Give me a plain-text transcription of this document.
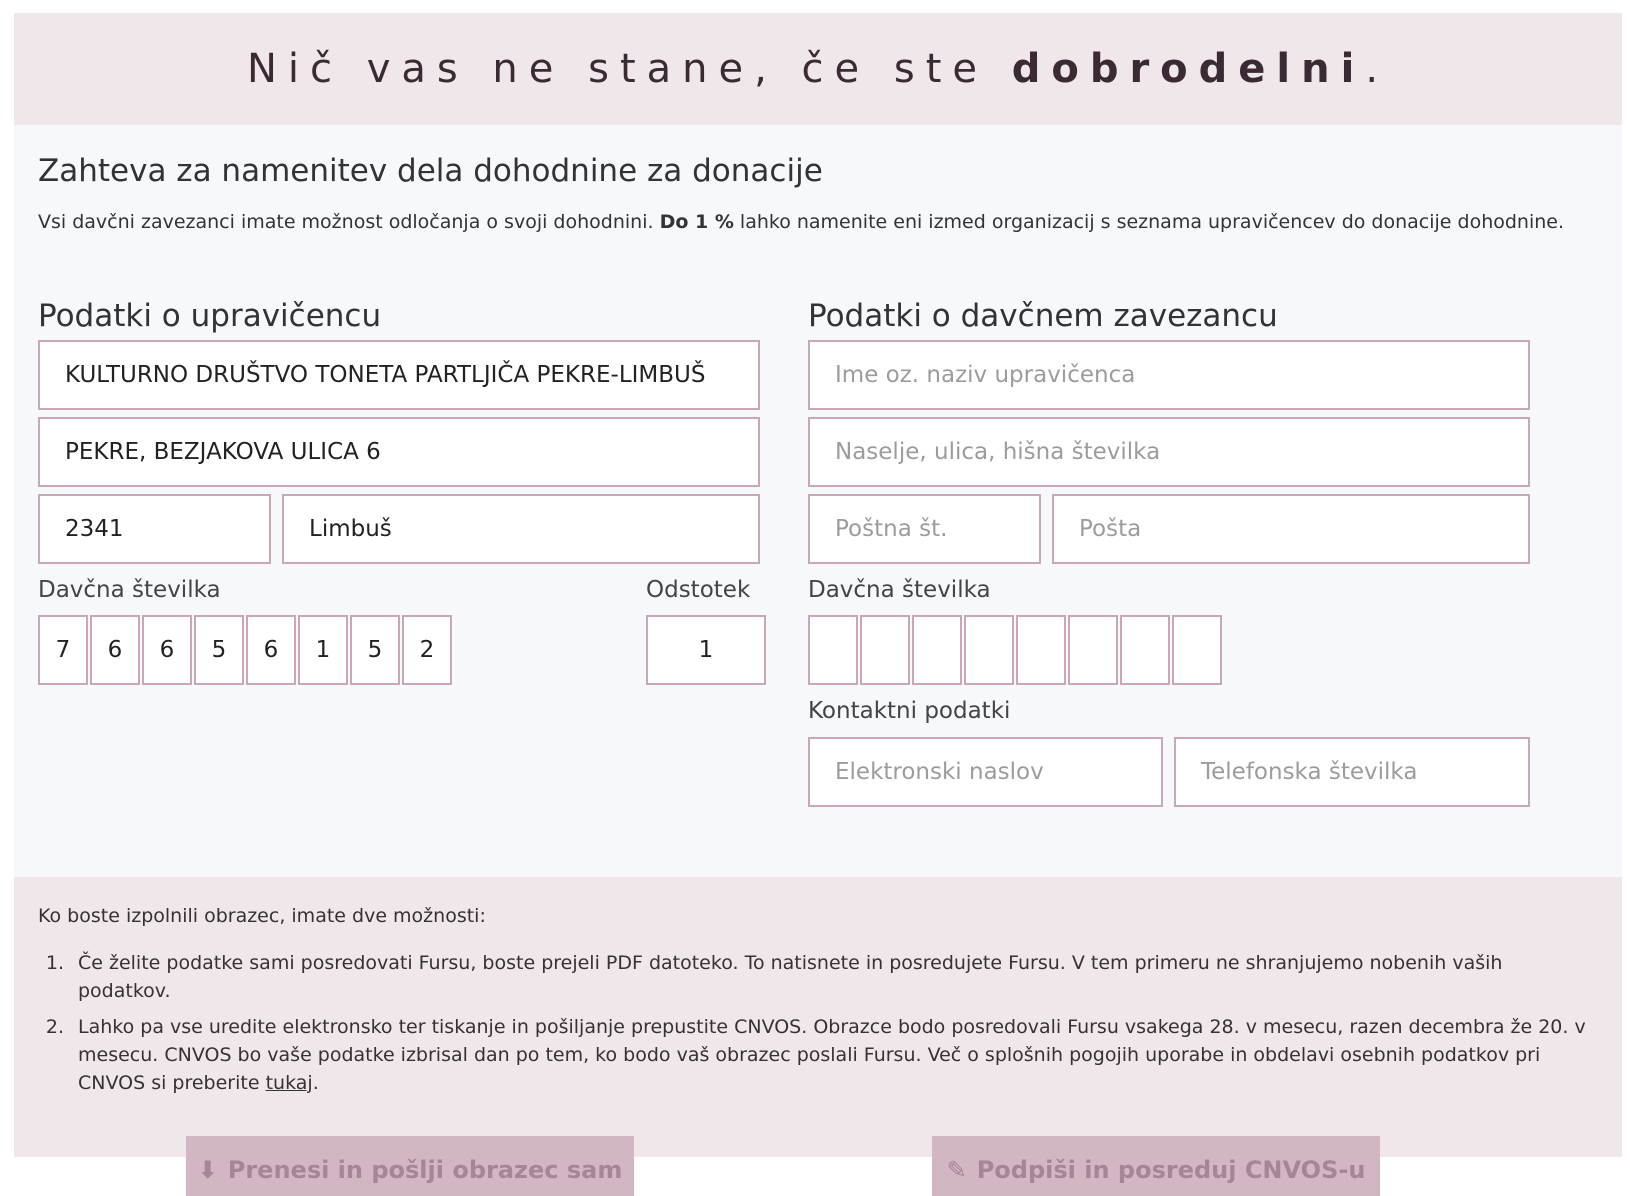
Nič vas ne stane, če ste dobrodelni.
Zahteva za namenitev dela dohodnine za donacije
Vsi davčni zavezanci imate možnost odločanja o svoji dohodnini. Do 1 % lahko namenite eni izmed organizacij s seznama upravičencev do donacije dohodnine.
Podatki o upravičencu
KULTURNO DRUŠTVO TONETA PARTLJIČA PEKRE-LIMBUŠ
PEKRE, BEZJAKOVA ULICA 6
2341	Limbuš
Davčna številka
7	6	6	5	6	1	5	2
Odstotek
1
Podatki o davčnem zavezancu
Ime oz. naziv upravičenca
Naselje, ulica, hišna številka
Poštna št.	Pošta
Davčna številka
Kontaktni podatki
Elektronski naslov	Telefonska številka
Ko boste izpolnili obrazec, imate dve možnosti:
1. Če želite podatke sami posredovati Fursu, boste prejeli PDF datoteko. To natisnete in posredujete Fursu. V tem primeru ne shranjujemo nobenih vaših podatkov.
2. Lahko pa vse uredite elektronsko ter tiskanje in pošiljanje prepustite CNVOS. Obrazce bodo posredovali Fursu vsakega 28. v mesecu, razen decembra že 20. v mesecu. CNVOS bo vaše podatke izbrisal dan po tem, ko bodo vaš obrazec poslali Fursu. Več o splošnih pogojih uporabe in obdelavi osebnih podatkov pri CNVOS si preberite tukaj.
⬇ Prenesi in pošlji obrazec sam	✎ Podpiši in posreduj CNVOS-u
